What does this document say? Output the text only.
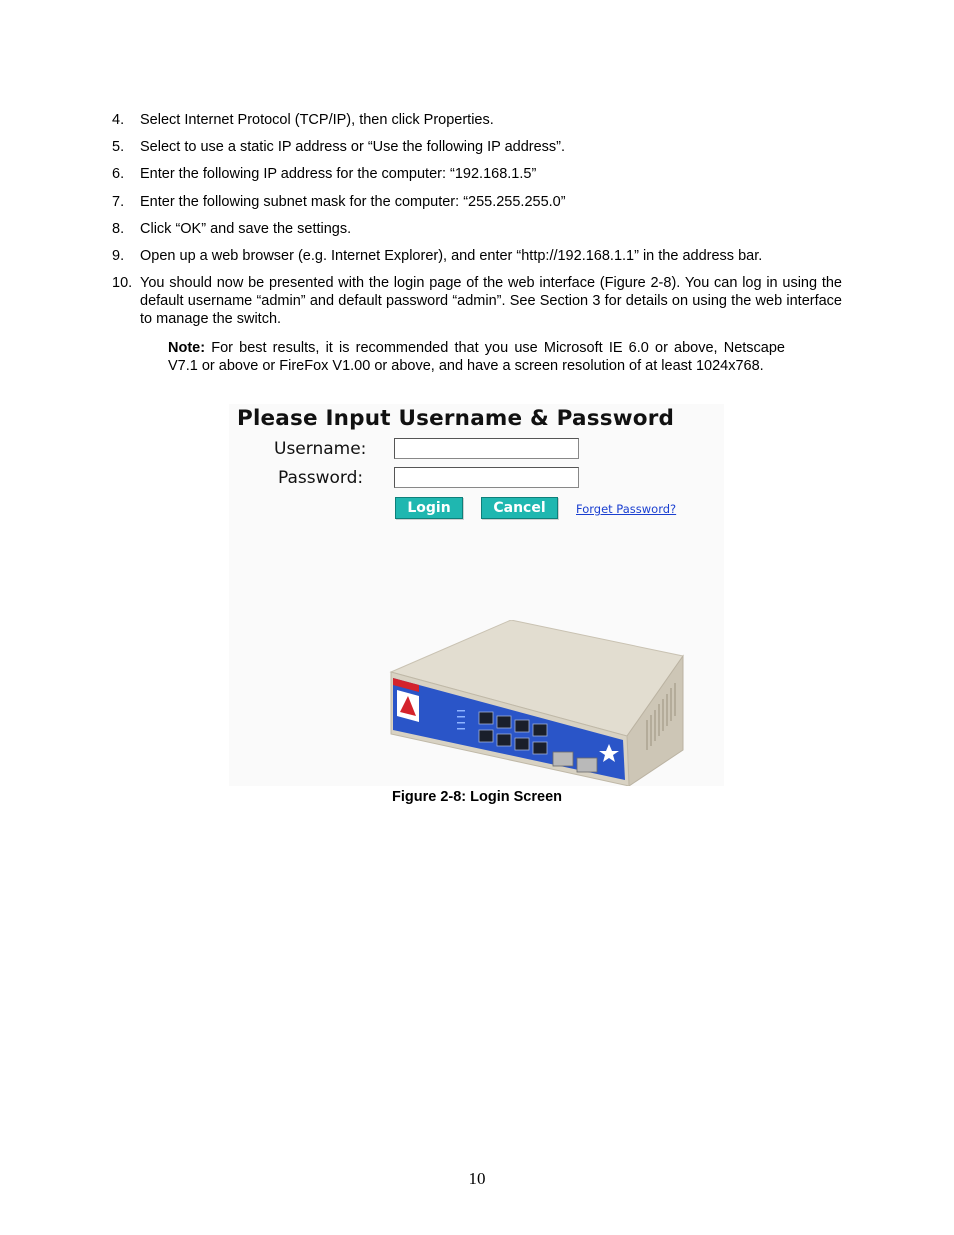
4.	Select Internet Protocol (TCP/IP), then click Properties.
5.	Select to use a static IP address or “Use the following IP address”.
6.	Enter the following IP address for the computer: “192.168.1.5”
7.	Enter the following subnet mask for the computer: “255.255.255.0”
8.	Click “OK” and save the settings.
9.	Open up a web browser (e.g. Internet Explorer), and enter “http://192.168.1.1” in the address bar.
10. You should now be presented with the login page of the web interface (Figure 2-8). You can log in using the default username “admin” and default password “admin”. See Section 3 for details on using the web interface to manage the switch.
Note: For best results, it is recommended that you use Microsoft IE 6.0 or above, Netscape V7.1 or above or FireFox V1.00 or above, and have a screen resolution of at least 1024x768.
Please Input Username & Password
Username:
Password:
Login	Cancel	Forget Password?
Figure 2-8: Login Screen
10
